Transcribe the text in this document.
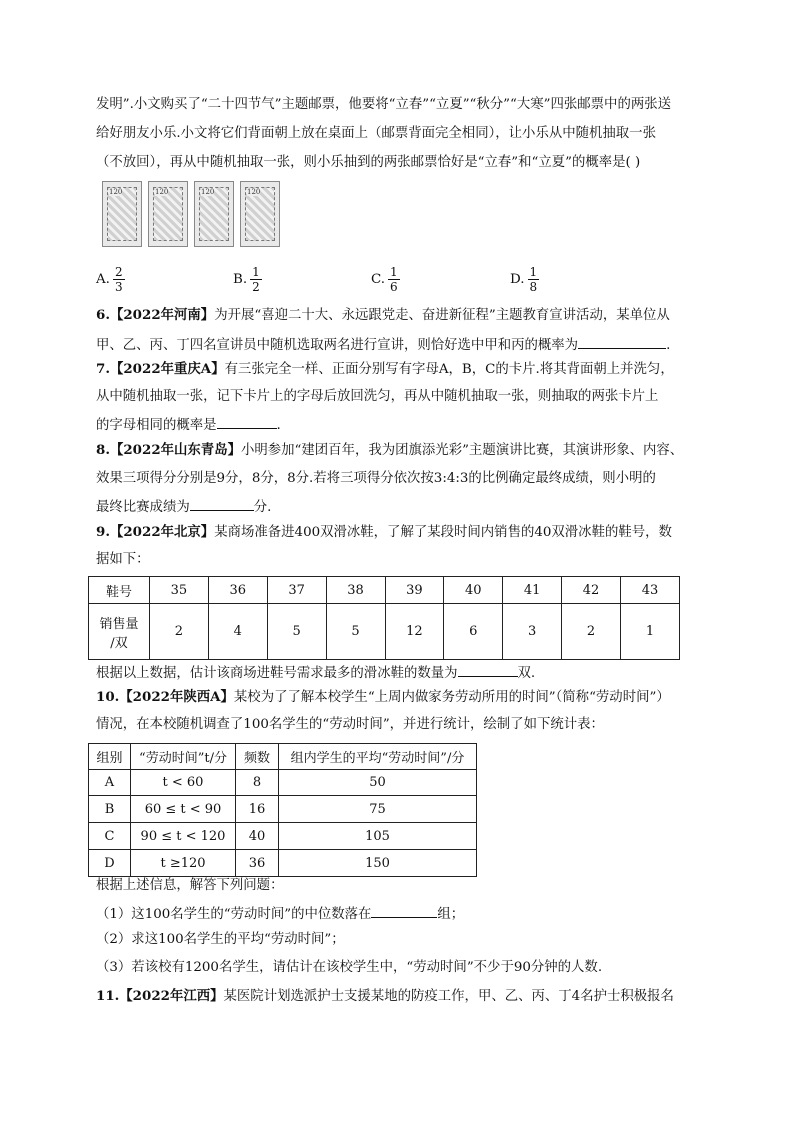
发明”.小文购买了“二十四节气”主题邮票，他要将“立春”“立夏”“秋分”“大寒”四张邮票中的两张送
给好朋友小乐.小文将它们背面朝上放在桌面上（邮票背面完全相同），让小乐从中随机抽取一张
（不放回），再从中随机抽取一张，则小乐抽到的两张邮票恰好是“立春”和“立夏”的概率是( )
120	120	120	120
A. $\frac{2}{3}$	B. $\frac{1}{2}$	C. $\frac{1}{6}$	D. $\frac{1}{8}$
6.【2022年河南】为开展“喜迎二十大、永远跟党走、奋进新征程”主题教育宣讲活动，某单位从
甲、乙、丙、丁四名宣讲员中随机选取两名进行宣讲，则恰好选中甲和丙的概率为	.
7.【2022年重庆A】有三张完全一样、正面分别写有字母A，B，C的卡片.将其背面朝上并洗匀，
从中随机抽取一张，记下卡片上的字母后放回洗匀，再从中随机抽取一张，则抽取的两张卡片上
的字母相同的概率是	.
8.【2022年山东青岛】小明参加“建团百年，我为团旗添光彩”主题演讲比赛，其演讲形象、内容、
效果三项得分分别是9分，8分，8分.若将三项得分依次按3:4:3的比例确定最终成绩，则小明的
最终比赛成绩为	分.
9.【2022年北京】某商场准备进400双滑冰鞋，了解了某段时间内销售的40双滑冰鞋的鞋号，数
据如下：
鞋号	35	36	37	38	39	40	41	42	43

销售量
/双	2	4	5	5	12	6	3	2	1
根据以上数据，估计该商场进鞋号需求最多的滑冰鞋的数量为	双.
10.【2022年陕西A】某校为了了解本校学生“上周内做家务劳动所用的时间”（简称“劳动时间”）
情况，在本校随机调查了100名学生的“劳动时间”，并进行统计，绘制了如下统计表：
组别	“劳动时间”t/分	频数	组内学生的平均“劳动时间”/分
A	t < 60	8	50
B	60 ≤ t < 90	16	75
C	90 ≤ t < 120	40	105
D	t ≥120	36	150
根据上述信息，解答下列问题：
（1）这100名学生的“劳动时间”的中位数落在	组；
（2）求这100名学生的平均“劳动时间”；
（3）若该校有1200名学生，请估计在该校学生中，“劳动时间”不少于90分钟的人数.
11.【2022年江西】某医院计划选派护士支援某地的防疫工作，甲、乙、丙、丁4名护士积极报名
